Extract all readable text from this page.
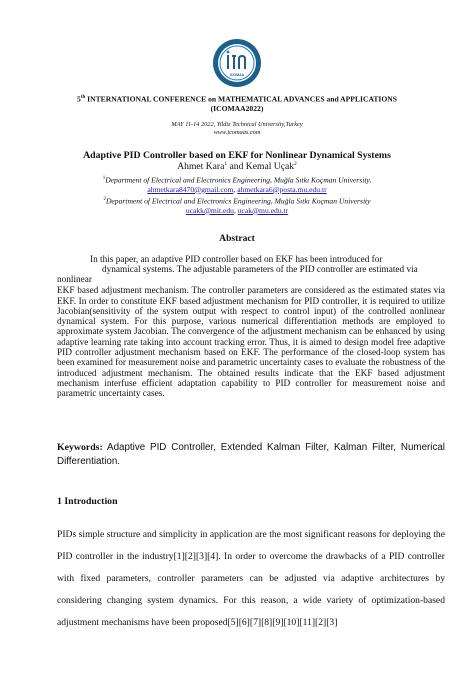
ICOMAA
5th INTERNATIONAL CONFERENCE on MATHEMATICAL ADVANCES and APPLICATIONS
(ICOMAA2022)
MAY 11-14 2022, Yildiz Technical University,Turkey
www.icomaas.com
Adaptive PID Controller based on EKF for Nonlinear Dynamical Systems
Ahmet Kara$^1$ and Kemal Uçak$^2$
$^1$Department of Electrical and Electronics Engineering, Muğla Sıtkı Koçman University,
ahmetkara8470@gmail.com, ahmetkara6@posta.mu.edu.tr
$^2$Department of Electrical and Electronics Engineering, Muğla Sıtkı Koçman University
ucakk@mit.edu, ucak@mu.edu.tr
Abstract
In this paper, an adaptive PID controller based on EKF has been introduced for
nonlinear
dynamical systems. The adjustable parameters of the PID controller are estimated via
EKF based adjustment mechanism. The controller parameters are considered as the estimated states via EKF. In order to constitute EKF based adjustment mechanism for PID controller, it is required to utilize Jacobian(sensitivity of the system output with respect to control input) of the controlled nonlinear dynamical system. For this purpose, various numerical differentiation methods are employed to approximate system Jacobian. The convergence of the adjustment mechanism can be enhanced by using adaptive learning rate taking into account tracking error. Thus, it is aimed to design model free adaptive PID controller adjustment mechanism based on EKF. The performance of the closed-loop system has been examined for measurement noise and parametric uncertainty cases to evaluate the robustness of the introduced adjustment mechanism. The obtained results indicate that the EKF based adjustment mechanism interfuse efficient adaptation capability to PID controller for measurement noise and parametric uncertainty cases.
Keywords: Adaptive PID Controller, Extended Kalman Filter, Kalman Filter, Numerical Differentiation.
1 Introduction

PIDs simple structure and simplicity in application are the most significant reasons for deploying the PID controller in the industry[1][2][3][4]. In order to overcome the drawbacks of a PID controller with fixed parameters, controller parameters can be adjusted via adaptive architectures by considering changing system dynamics. For this reason, a wide variety of optimization-based adjustment mechanisms have been proposed[5][6][7][8][9][10][11][2][3]
